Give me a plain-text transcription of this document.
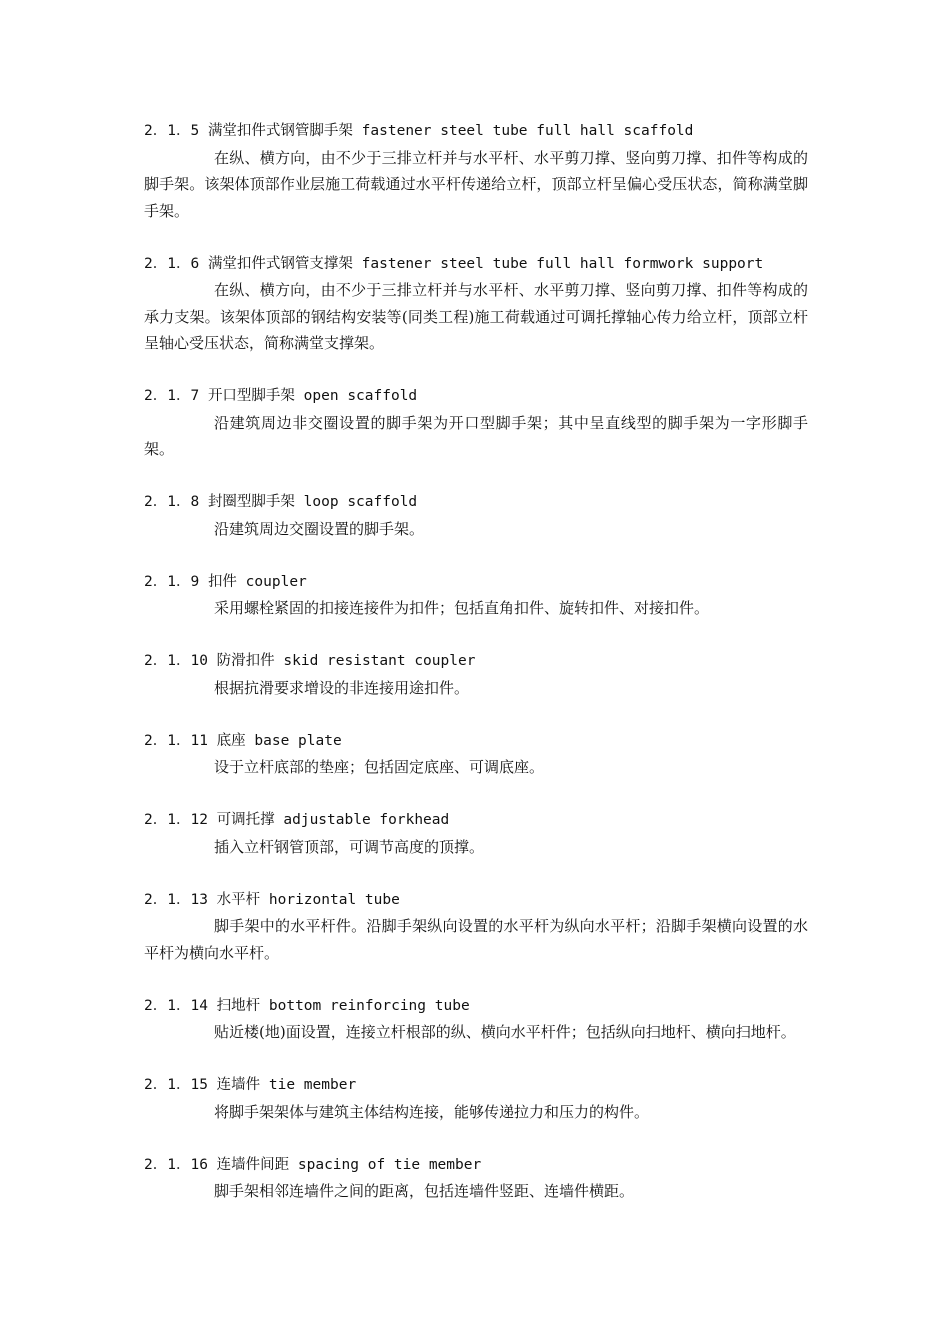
2．1．5 满堂扣件式钢管脚手架 fastener steel tube full hall scaffold

在纵、横方向，由不少于三排立杆并与水平杆、水平剪刀撑、竖向剪刀撑、扣件等构成的脚手架。该架体顶部作业层施工荷载通过水平杆传递给立杆，顶部立杆呈偏心受压状态，简称满堂脚手架。

2．1．6 满堂扣件式钢管支撑架 fastener steel tube full hall formwork support

在纵、横方向，由不少于三排立杆并与水平杆、水平剪刀撑、竖向剪刀撑、扣件等构成的承力支架。该架体顶部的钢结构安装等(同类工程)施工荷载通过可调托撑轴心传力给立杆，顶部立杆呈轴心受压状态，简称满堂支撑架。

2．1．7 开口型脚手架 open scaffold

沿建筑周边非交圈设置的脚手架为开口型脚手架；其中呈直线型的脚手架为一字形脚手架。

2．1．8 封圈型脚手架 loop scaffold

沿建筑周边交圈设置的脚手架。

2．1．9 扣件 coupler

采用螺栓紧固的扣接连接件为扣件；包括直角扣件、旋转扣件、对接扣件。

2．1．10 防滑扣件 skid resistant coupler

根据抗滑要求增设的非连接用途扣件。

2．1．11 底座 base plate

设于立杆底部的垫座；包括固定底座、可调底座。

2．1．12 可调托撑 adjustable forkhead

插入立杆钢管顶部，可调节高度的顶撑。

2．1．13 水平杆 horizontal tube

脚手架中的水平杆件。沿脚手架纵向设置的水平杆为纵向水平杆；沿脚手架横向设置的水平杆为横向水平杆。

2．1．14 扫地杆 bottom reinforcing tube

贴近楼(地)面设置，连接立杆根部的纵、横向水平杆件；包括纵向扫地杆、横向扫地杆。

2．1．15 连墙件 tie member

将脚手架架体与建筑主体结构连接，能够传递拉力和压力的构件。

2．1．16 连墙件间距 spacing of tie member

脚手架相邻连墙件之间的距离，包括连墙件竖距、连墙件横距。
